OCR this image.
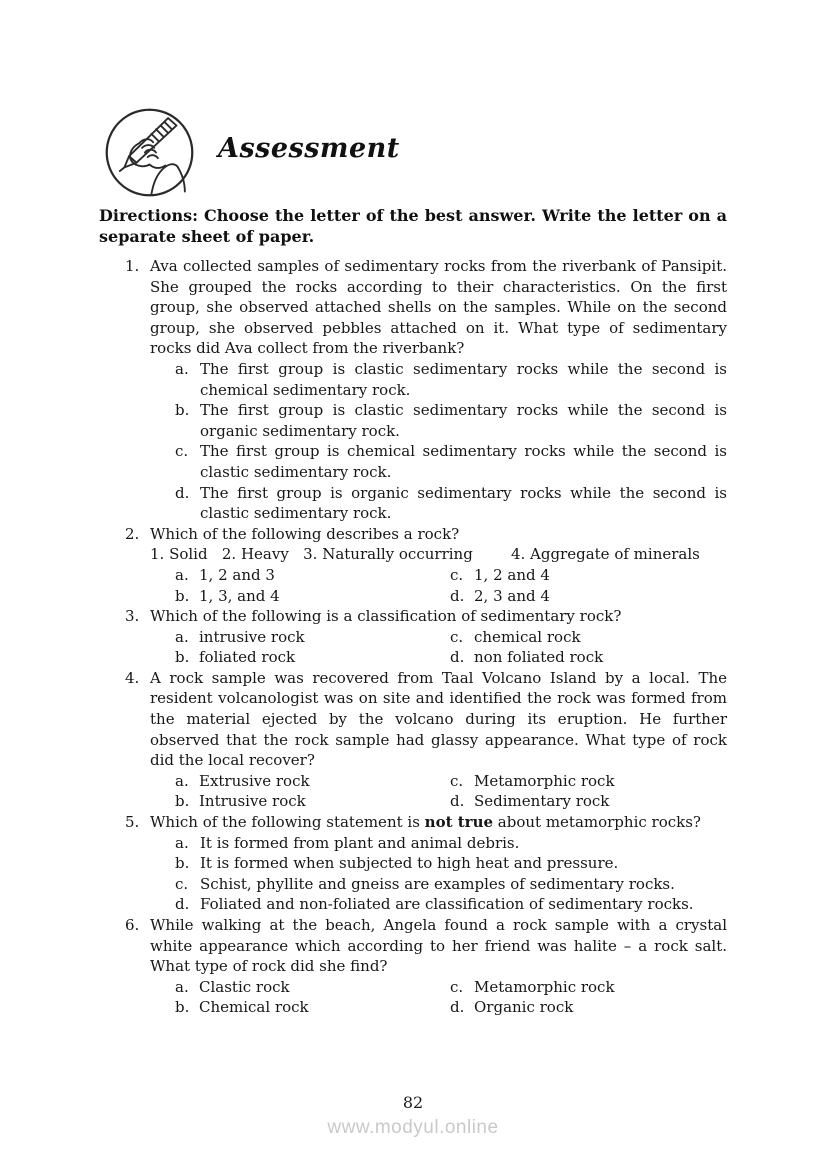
Assessment
Directions: Choose the letter of the best answer. Write the letter on a separate sheet of paper.
1. Ava collected samples of sedimentary rocks from the riverbank of Pansipit. She grouped the rocks according to their characteristics. On the first group, she observed attached shells on the samples. While on the second group, she observed pebbles attached on it. What type of sedimentary rocks did Ava collect from the riverbank?
a. The first group is clastic sedimentary rocks while the second is chemical sedimentary rock.
b. The first group is clastic sedimentary rocks while the second is organic sedimentary rock.
c. The first group is chemical sedimentary rocks while the second is clastic sedimentary rock.
d. The first group is organic sedimentary rocks while the second is clastic sedimentary rock.
2. Which of the following describes a rock?
1. Solid   2. Heavy   3. Naturally occurring        4. Aggregate of minerals
a. 1, 2 and 3	c. 1, 2 and 4
b. 1, 3, and 4	d. 2, 3 and 4
3. Which of the following is a classification of sedimentary rock?
a. intrusive rock	c. chemical rock
b. foliated rock	d. non foliated rock
4. A rock sample was recovered from Taal Volcano Island by a local. The resident volcanologist was on site and identified the rock was formed from the material ejected by the volcano during its eruption. He further observed that the rock sample had glassy appearance. What type of rock did the local recover?
a. Extrusive rock	c. Metamorphic rock
b. Intrusive rock	d. Sedimentary rock
5. Which of the following statement is not true about metamorphic rocks?
a. It is formed from plant and animal debris.
b. It is formed when subjected to high heat and pressure.
c. Schist, phyllite and gneiss are examples of sedimentary rocks.
d. Foliated and non-foliated are classification of sedimentary rocks.
6. While walking at the beach, Angela found a rock sample with a crystal white appearance which according to her friend was halite – a rock salt. What type of rock did she find?
a. Clastic rock	c. Metamorphic rock
b. Chemical rock	d. Organic rock
82
www.modyul.online
